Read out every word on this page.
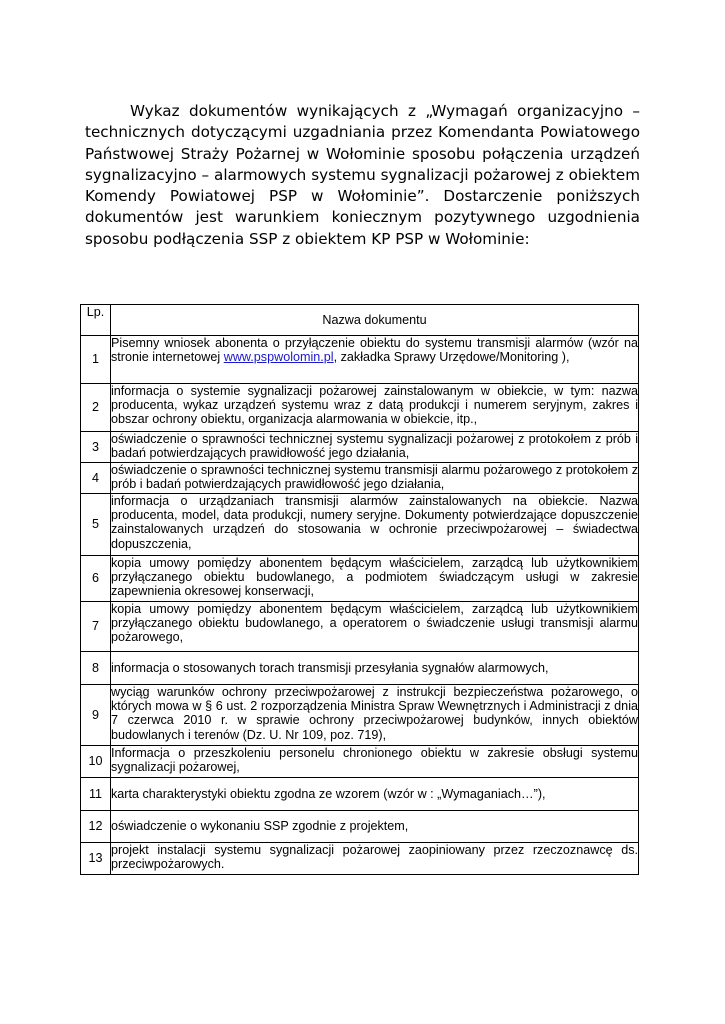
Wykaz dokumentów wynikających z „Wymagań organizacyjno – technicznych dotyczącymi uzgadniania przez Komendanta Powiatowego Państwowej Straży Pożarnej w Wołominie sposobu połączenia urządzeń sygnalizacyjno – alarmowych systemu sygnalizacji pożarowej z obiektem Komendy Powiatowej PSP w Wołominie”. Dostarczenie poniższych dokumentów jest warunkiem koniecznym pozytywnego uzgodnienia sposobu podłączenia SSP z obiektem KP PSP w Wołominie:

Lp.	Nazwa dokumentu
1	Pisemny wniosek abonenta o przyłączenie obiektu do systemu transmisji alarmów (wzór na stronie internetowej www.pspwolomin.pl, zakładka Sprawy Urzędowe/Monitoring ),
2	informacja o systemie sygnalizacji pożarowej zainstalowanym w obiekcie, w tym: nazwa producenta, wykaz urządzeń systemu wraz z datą produkcji i numerem seryjnym, zakres i obszar ochrony obiektu, organizacja alarmowania w obiekcie, itp.,
3	oświadczenie o sprawności technicznej systemu sygnalizacji pożarowej z protokołem z prób i badań potwierdzających prawidłowość jego działania,
4	oświadczenie o sprawności technicznej systemu transmisji alarmu pożarowego z protokołem z prób i badań potwierdzających prawidłowość jego działania,
5	informacja o urządzaniach transmisji alarmów zainstalowanych na obiekcie. Nazwa producenta, model, data produkcji, numery seryjne. Dokumenty potwierdzające dopuszczenie zainstalowanych urządzeń do stosowania w ochronie przeciwpożarowej – świadectwa dopuszczenia,
6	kopia umowy pomiędzy abonentem będącym właścicielem, zarządcą lub użytkownikiem przyłączanego obiektu budowlanego, a podmiotem świadczącym usługi w zakresie zapewnienia okresowej konserwacji,
7	kopia umowy pomiędzy abonentem będącym właścicielem, zarządcą lub użytkownikiem przyłączanego obiektu budowlanego, a operatorem o świadczenie usługi transmisji alarmu pożarowego,
8	informacja o stosowanych torach transmisji przesyłania sygnałów alarmowych,
9	wyciąg warunków ochrony przeciwpożarowej z instrukcji bezpieczeństwa pożarowego, o których mowa w § 6 ust. 2 rozporządzenia Ministra Spraw Wewnętrznych i Administracji z dnia 7 czerwca 2010 r. w sprawie ochrony przeciwpożarowej budynków, innych obiektów budowlanych i terenów (Dz. U. Nr 109, poz. 719),
10	Informacja o przeszkoleniu personelu chronionego obiektu w zakresie obsługi systemu sygnalizacji pożarowej,
11	karta charakterystyki obiektu zgodna ze wzorem (wzór w : „Wymaganiach…”),
12	oświadczenie o wykonaniu SSP zgodnie z projektem,
13	projekt instalacji systemu sygnalizacji pożarowej zaopiniowany przez rzeczoznawcę ds. przeciwpożarowych.
